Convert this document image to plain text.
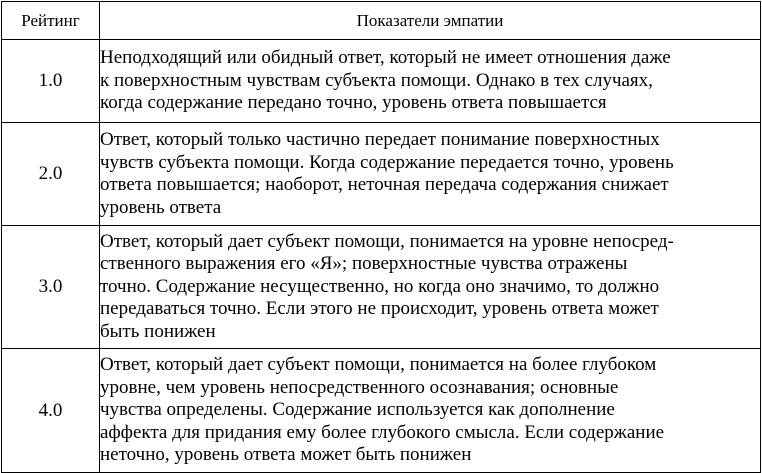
Рейтинг	Показатели эмпатии
1.0	Неподходящий или обидный ответ, который не имеет отношения даже
к поверхностным чувствам субъекта помощи. Однако в тех случаях,
когда содержание передано точно, уровень ответа повышается

2.0	Ответ, который только частично передает понимание поверхностных
чувств субъекта помощи. Когда содержание передается точно, уровень
ответа повышается; наоборот, неточная передача содержания снижает
уровень ответа

3.0	Ответ, который дает субъект помощи, понимается на уровне непосред-
ственного выражения его «Я»; поверхностные чувства отражены
точно. Содержание несущественно, но когда оно значимо, то должно
передаваться точно. Если этого не происходит, уровень ответа может
быть понижен

4.0	Ответ, который дает субъект помощи, понимается на более глубоком
уровне, чем уровень непосредственного осознавания; основные
чувства определены. Содержание используется как дополнение
аффекта для придания ему более глубокого смысла. Если содержание
неточно, уровень ответа может быть понижен
